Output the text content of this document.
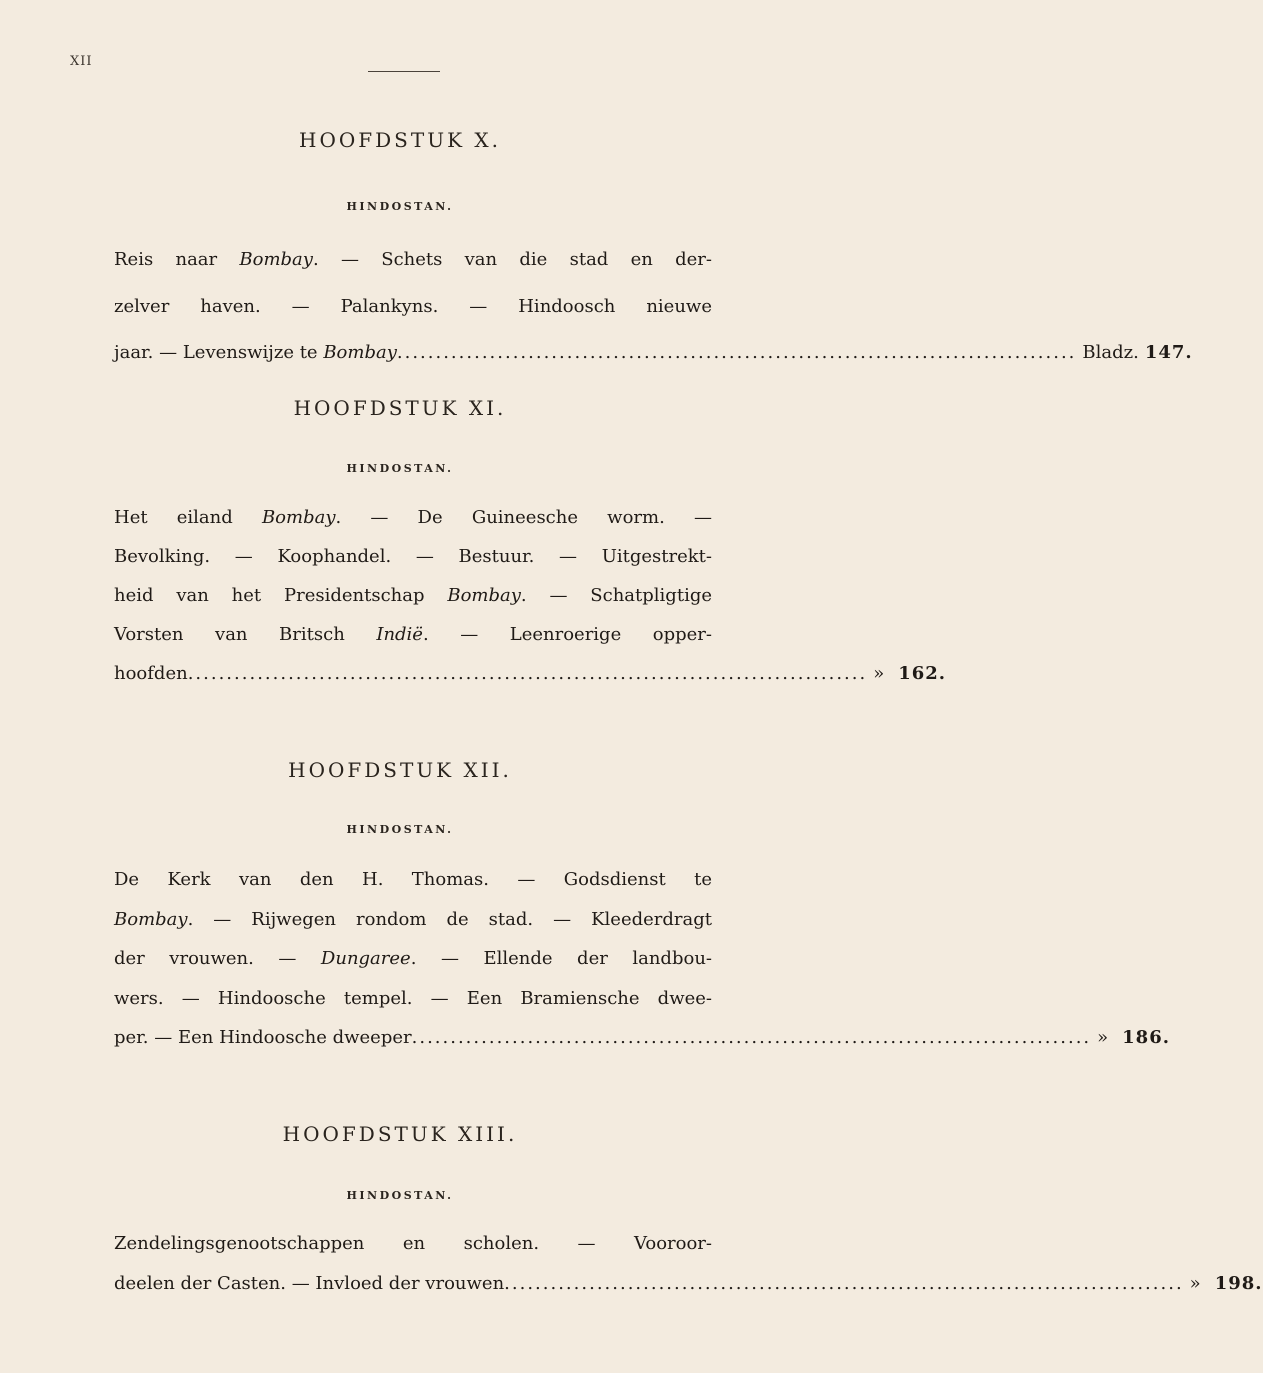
XII
HOOFDSTUK X.
HINDOSTAN.
Reis naar Bombay. — Schets van die stad en der-
zelver haven. — Palankyns. — Hindoosch nieuwe
jaar. — Levenswijze te Bombay ........................................................................................ Bladz. 147.
HOOFDSTUK XI.
HINDOSTAN.
Het eiland Bombay. — De Guineesche worm. —
Bevolking. — Koophandel. — Bestuur. — Uitgestrekt-
heid van het Presidentschap Bombay. — Schatpligtige
Vorsten van Britsch Indië. — Leenroerige opper-
hoofden ........................................................................................ » 162.
HOOFDSTUK XII.
HINDOSTAN.
De Kerk van den H. Thomas. — Godsdienst te
Bombay. — Rijwegen rondom de stad. — Kleederdragt
der vrouwen. — Dungaree. — Ellende der landbou-
wers. — Hindoosche tempel. — Een Bramiensche dwee-
per. — Een Hindoosche dweeper ........................................................................................ » 186.
HOOFDSTUK XIII.
HINDOSTAN.
Zendelingsgenootschappen en scholen. — Vooroor-
deelen der Casten. — Invloed der vrouwen ........................................................................................ » 198.
